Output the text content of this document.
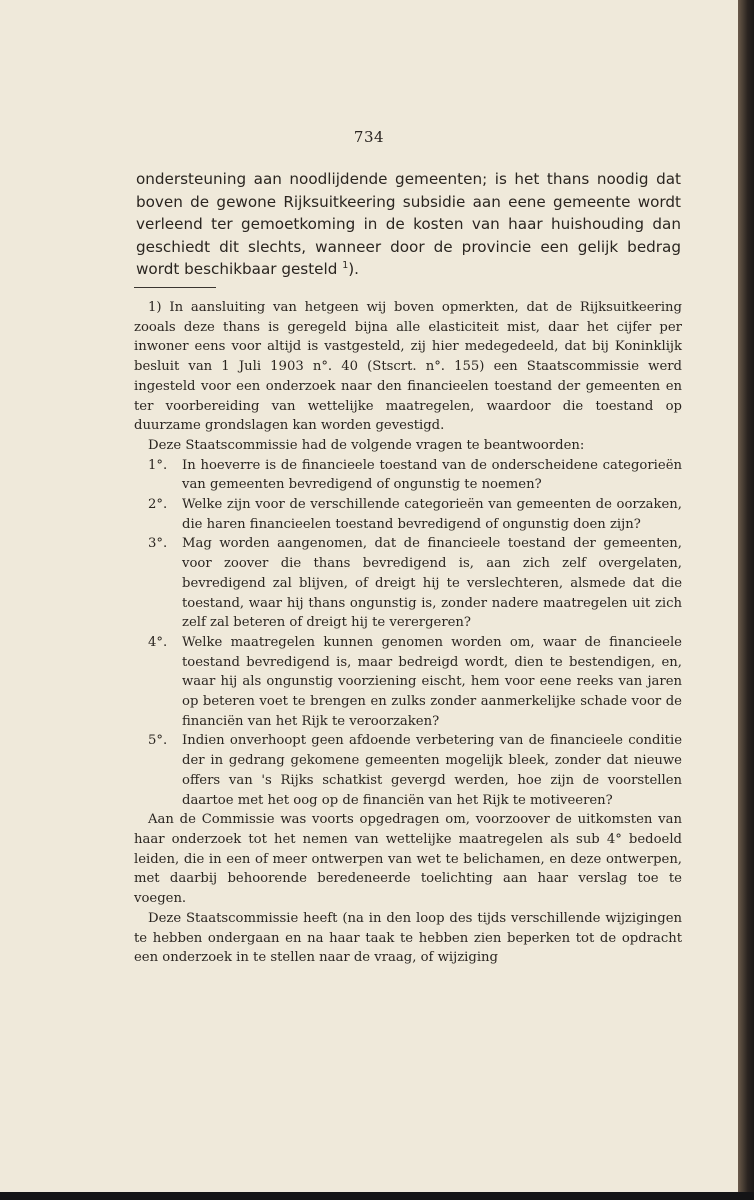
734

ondersteuning aan noodlijdende gemeenten; is het thans noodig dat boven de gewone Rijksuitkeering subsidie aan eene gemeente wordt verleend ter gemoetkoming in de kosten van haar huishouding dan geschiedt dit slechts, wanneer door de provincie een gelijk bedrag wordt beschikbaar gesteld $^1$).

1) In aansluiting van hetgeen wij boven opmerkten, dat de Rijksuitkeering zooals deze thans is geregeld bijna alle elasticiteit mist, daar het cijfer per inwoner eens voor altijd is vastgesteld, zij hier medegedeeld, dat bij Koninklijk besluit van 1 Juli 1903 n°. 40 (Stscrt. n°. 155) een Staatscommissie werd ingesteld voor een onderzoek naar den financieelen toestand der gemeenten en ter voorbereiding van wettelijke maatregelen, waardoor die toestand op duurzame grondslagen kan worden gevestigd.

Deze Staatscommissie had de volgende vragen te beantwoorden:

1°.	In hoeverre is de financieele toestand van de onderscheidene categorieën van gemeenten bevredigend of ongunstig te noemen?
2°.	Welke zijn voor de verschillende categorieën van gemeenten de oorzaken, die haren financieelen toestand bevredigend of ongunstig doen zijn?
3°.	Mag worden aangenomen, dat de financieele toestand der gemeenten, voor zoover die thans bevredigend is, aan zich zelf overgelaten, bevredigend zal blijven, of dreigt hij te verslechteren, alsmede dat die toestand, waar hij thans ongunstig is, zonder nadere maatregelen uit zich zelf zal beteren of dreigt hij te verergeren?
4°.	Welke maatregelen kunnen genomen worden om, waar de financieele toestand bevredigend is, maar bedreigd wordt, dien te bestendigen, en, waar hij als ongunstig voorziening eischt, hem voor eene reeks van jaren op beteren voet te brengen en zulks zonder aanmerkelijke schade voor de financiën van het Rijk te veroorzaken?
5°.	Indien onverhoopt geen afdoende verbetering van de financieele conditie der in gedrang gekomene gemeenten mogelijk bleek, zonder dat nieuwe offers van 's Rijks schatkist gevergd werden, hoe zijn de voorstellen daartoe met het oog op de financiën van het Rijk te motiveeren?

Aan de Commissie was voorts opgedragen om, voorzoover de uitkomsten van haar onderzoek tot het nemen van wettelijke maatregelen als sub 4° bedoeld leiden, die in een of meer ontwerpen van wet te belichamen, en deze ontwerpen, met daarbij behoorende beredeneerde toelichting aan haar verslag toe te voegen.

Deze Staatscommissie heeft (na in den loop des tijds verschillende wijzigingen te hebben ondergaan en na haar taak te hebben zien beperken tot de opdracht een onderzoek in te stellen naar de vraag, of wijziging
